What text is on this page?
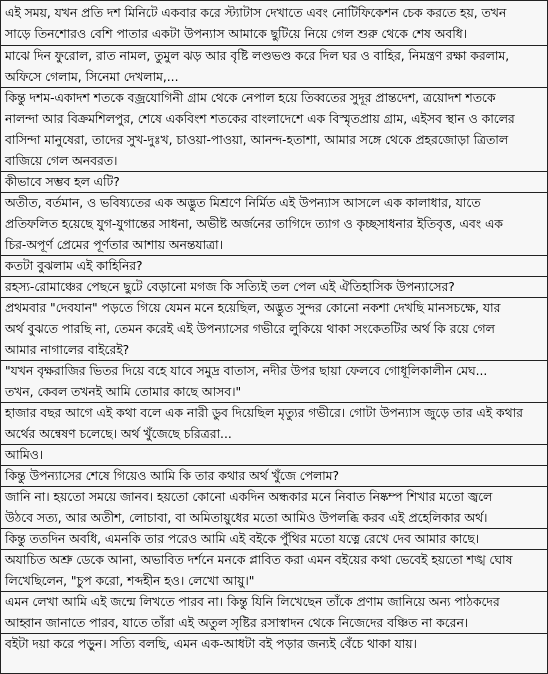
এই সময়, যখন প্রতি দশ মিনিটে একবার করে স্ট্যাটাস দেখাতে এবং নোটিফিকেশন চেক করতে হয়, তখন
সাড়ে তিনশোরও বেশি পাতার একটা উপন্যাস আমাকে ছুটিয়ে নিয়ে গেল শুরু থেকে শেষ অবধি।
মাঝে দিন ফুরোল, রাত নামল, তুমুল ঝড় আর বৃষ্টি লণ্ডভণ্ড করে দিল ঘর ও বাহির, নিমন্ত্রণ রক্ষা করলাম,
অফিসে গেলাম, সিনেমা দেখলাম,...
কিন্তু দশম-একাদশ শতকে বজ্রযোগিনী গ্রাম থেকে নেপাল হয়ে তিব্বতের সুদূর প্রান্তদেশ, ত্রয়োদশ শতকে
নালন্দা আর বিক্রমশিলপুর, শেষে একবিংশ শতকের বাংলাদেশে এক বিস্মৃতপ্রায় গ্রাম, এইসব স্থান ও কালের
বাসিন্দা মানুষেরা, তাদের সুখ-দুঃখ, চাওয়া-পাওয়া, আনন্দ-হতাশা, আমার সঙ্গে থেকে প্রহরজোড়া ত্রিতাল
বাজিয়ে গেল অনবরত।
কীভাবে সম্ভব হল এটি?
অতীত, বর্তমান, ও ভবিষ্যতের এক অদ্ভুত মিশ্রণে নির্মিত এই উপন্যাস আসলে এক কালাধার, যাতে
প্রতিফলিত হয়েছে যুগ-যুগান্তের সাধনা, অভীষ্ট অর্জনের তাগিদে ত্যাগ ও কৃচ্ছসাধনার ইতিবৃত্ত, এবং এক
চির-অপূর্ণ প্রেমের পূর্ণতার আশায় অনন্তযাত্রা।
কতটা বুঝলাম এই কাহিনির?
রহস্য-রোমাঞ্চের পেছনে ছুটে বেড়ানো মগজ কি সত্যিই তল পেল এই ঐতিহাসিক উপন্যাসের?
প্রথমবার "দেবযান" পড়তে গিয়ে যেমন মনে হয়েছিল, অদ্ভুত সুন্দর কোনো নকশা দেখছি মানসচক্ষে, যার
অর্থ বুঝতে পারছি না, তেমন করেই এই উপন্যাসের গভীরে লুকিয়ে থাকা সংকেতটির অর্থ কি রয়ে গেল
আমার নাগালের বাইরেই?
"যখন বৃক্ষরাজির ভিতর দিয়ে বহে যাবে সমুদ্র বাতাস, নদীর উপর ছায়া ফেলবে গোধূলিকালীন মেঘ...
তখন, কেবল তখনই আমি তোমার কাছে আসব।"
হাজার বছর আগে এই কথা বলে এক নারী ডুব দিয়েছিল মৃত্যুর গভীরে। গোটা উপন্যাস জুড়ে তার এই কথার
অর্থের অন্বেষণ চলেছে। অর্থ খুঁজেছে চরিত্ররা...
আমিও।
কিন্তু উপন্যাসের শেষে গিয়েও আমি কি তার কথার অর্থ খুঁজে পেলাম?
জানি না। হয়তো সময়ে জানব। হয়তো কোনো একদিন অন্ধকার মনে নিবাত নিষ্কম্প শিখার মতো জ্বলে
উঠবে সত্য, আর অতীশ, লোচাবা, বা অমিতায়ুধের মতো আমিও উপলব্ধি করব এই প্রহেলিকার অর্থ।
কিন্তু ততদিন অবধি, এমনকি তার পরেও আমি এই বইকে পুঁথির মতো যত্নে রেখে দেব আমার কাছে।
অযাচিত অশ্রু ডেকে আনা, অভাবিত দর্শনে মনকে প্লাবিত করা এমন বইয়ের কথা ভেবেই হয়তো শঙ্খ ঘোষ
লিখেছিলেন, "চুপ করো, শব্দহীন হও। লেখো আয়ু।"
এমন লেখা আমি এই জন্মে লিখতে পারব না। কিন্তু যিনি লিখেছেন তাঁকে প্রণাম জানিয়ে অন্য পাঠকদের
আহ্বান জানাতে পারব, যাতে তাঁরা এই অতুল সৃষ্টির রসাস্বাদন থেকে নিজেদের বঞ্চিত না করেন।
বইটা দয়া করে পড়ুন। সত্যি বলছি, এমন এক-আধটা বই পড়ার জন্যই বেঁচে থাকা যায়।
